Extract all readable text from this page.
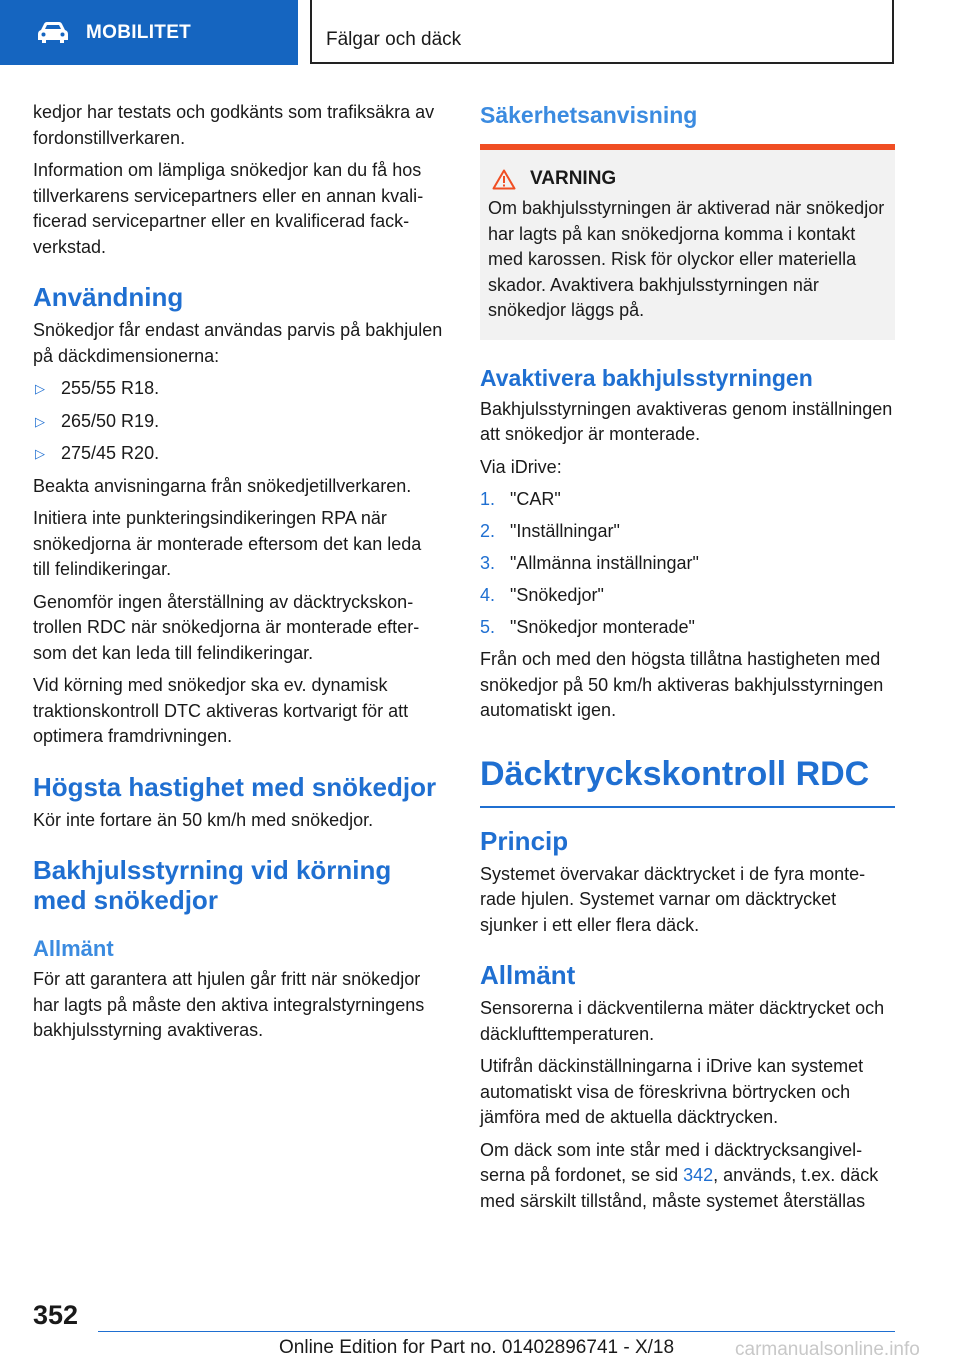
MOBILITET	Fälgar och däck

kedjor har testats och godkänts som trafiksäkra av fordonstillverkaren.

Information om lämpliga snökedjor kan du få hos tillverkarens servicepartners eller en annan kvalificerad servicepartner eller en kvalificerad fackverkstad.

Användning

Snökedjor får endast användas parvis på bakhjulen på däckdimensionerna:

▷ 255/55 R18.
▷ 265/50 R19.
▷ 275/45 R20.

Beakta anvisningarna från snökedjetillverkaren.

Initiera inte punkteringsindikeringen RPA när snökedjorna är monterade eftersom det kan leda till felindikeringar.

Genomför ingen återställning av däcktryckskontrollen RDC när snökedjorna är monterade eftersom det kan leda till felindikeringar.

Vid körning med snökedjor ska ev. dynamisk traktionskontroll DTC aktiveras kortvarigt för att optimera framdrivningen.

Högsta hastighet med snökedjor

Kör inte fortare än 50 km/h med snökedjor.

Bakhjulsstyrning vid körning med snökedjor
Allmänt

För att garantera att hjulen går fritt när snökedjor har lagts på måste den aktiva integralstyrningens bakhjulsstyrning avaktiveras.

Säkerhetsanvisning
VARNING

Om bakhjulsstyrningen är aktiverad när snökedjor har lagts på kan snökedjorna komma i kontakt med karossen. Risk för olyckor eller materiella skador. Avaktivera bakhjulsstyrningen när snökedjor läggs på.

Avaktivera bakhjulsstyrningen

Bakhjulsstyrningen avaktiveras genom inställningen att snökedjor är monterade.

Via iDrive:

1. "CAR"
2. "Inställningar"
3. "Allmänna inställningar"
4. "Snökedjor"
5. "Snökedjor monterade"

Från och med den högsta tillåtna hastigheten med snökedjor på 50 km/h aktiveras bakhjulsstyrningen automatiskt igen.

Däcktryckskontroll RDC
Princip

Systemet övervakar däcktrycket i de fyra monterade hjulen. Systemet varnar om däcktrycket sjunker i ett eller flera däck.

Allmänt

Sensorerna i däckventilerna mäter däcktrycket och däcklufttemperaturen.

Utifrån däckinställningarna i iDrive kan systemet automatiskt visa de föreskrivna börtrycken och jämföra med de aktuella däcktrycken.

Om däck som inte står med i däcktrycksangivelserna på fordonet, se sid 342, används, t.ex. däck med särskilt tillstånd, måste systemet återställas

352
Online Edition for Part no. 01402896741 - X/18	carmanualsonline.info
